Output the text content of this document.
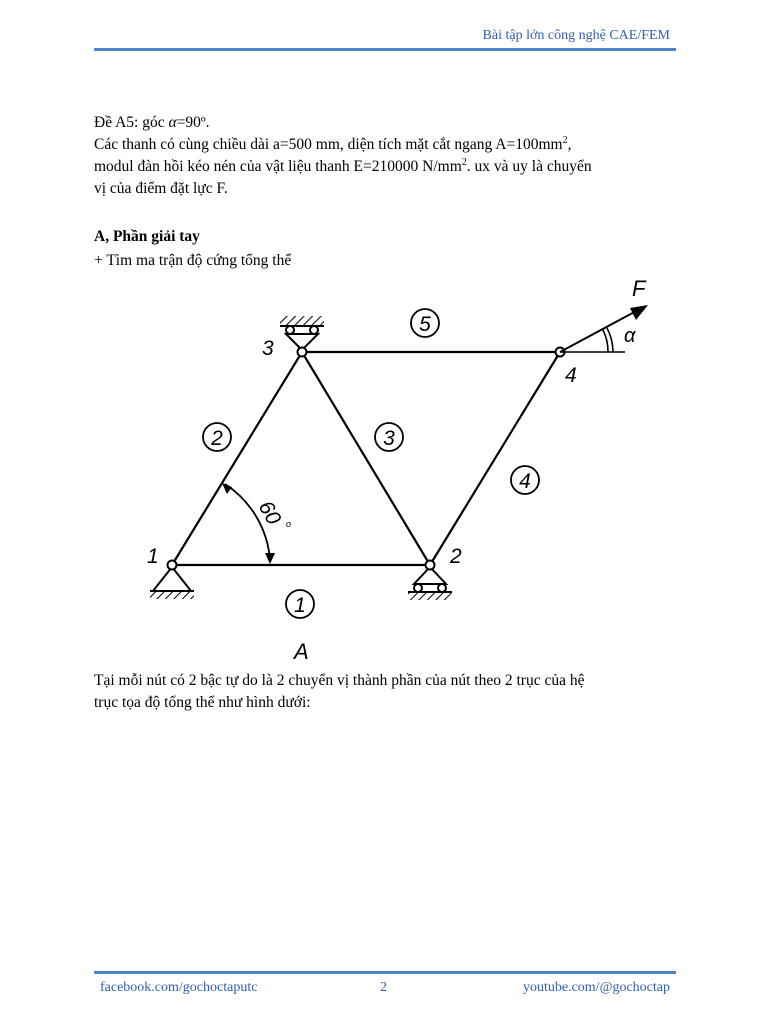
Bài tập lớn công nghệ CAE/FEM
Đề A5: góc α=90º.
Các thanh có cùng chiều dài a=500 mm, diện tích mặt cắt ngang $A=100mm^2$,
modul đàn hồi kéo nén của vật liệu thanh E=210000 $N/mm^2$. ux và uy là chuyển
vị của điểm đặt lực F.
A, Phần giải tay
+ Tìm ma trận độ cứng tổng thể
1
2	3
4
5
1	2
3
4
F
α
60 o
A
Tại mỗi nút có 2 bậc tự do là 2 chuyển vị thành phần của nút theo 2 trục của hệ
trục tọa độ tổng thể như hình dưới:
facebook.com/gochoctaputc	2	youtube.com/@gochoctap
